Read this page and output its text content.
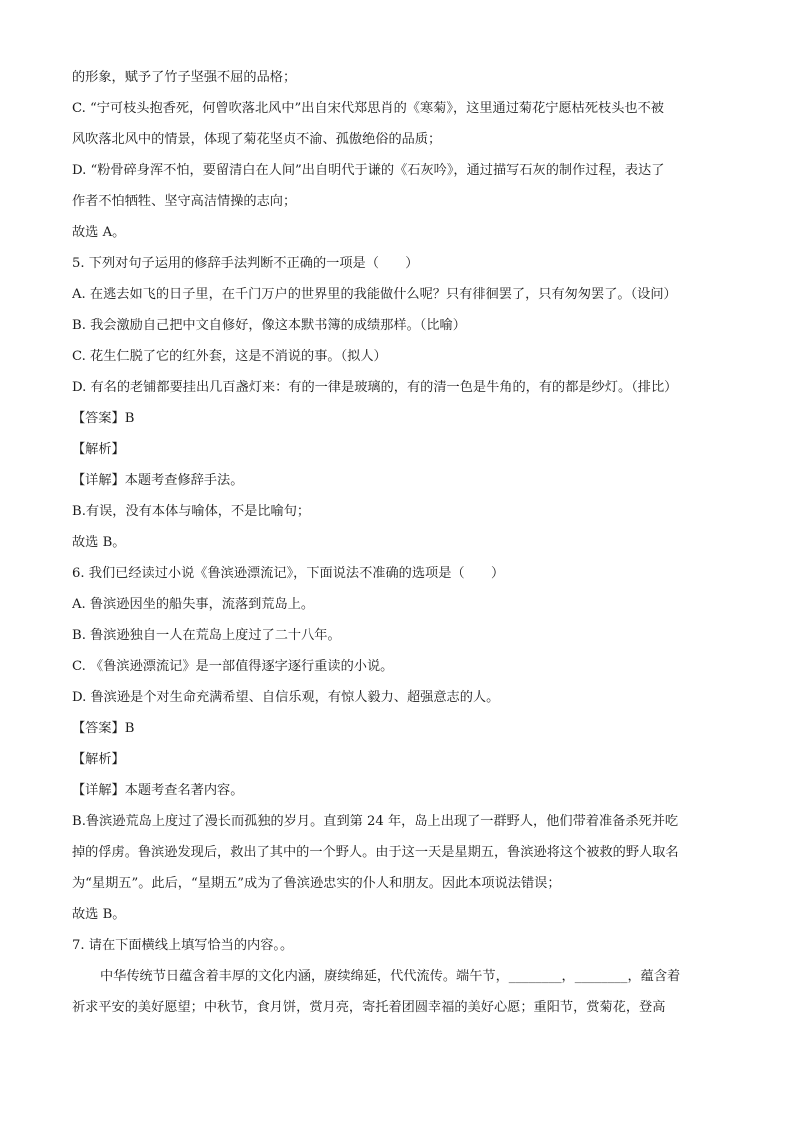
的形象，赋予了竹子坚强不屈的品格；
C. “宁可枝头抱香死，何曾吹落北风中”出自宋代郑思肖的《寒菊》，这里通过菊花宁愿枯死枝头也不被
风吹落北风中的情景，体现了菊花坚贞不渝、孤傲绝俗的品质；
D. “粉骨碎身浑不怕，要留清白在人间”出自明代于谦的《石灰吟》，通过描写石灰的制作过程，表达了
作者不怕牺牲、坚守高洁情操的志向；
故选 A。
5. 下列对句子运用的修辞手法判断不正确的一项是（　　）
A. 在逃去如飞的日子里，在千门万户的世界里的我能做什么呢？只有徘徊罢了，只有匆匆罢了。（设问）
B. 我会激励自己把中文自修好，像这本默书簿的成绩那样。（比喻）
C. 花生仁脱了它的红外套，这是不消说的事。（拟人）
D. 有名的老铺都要挂出几百盏灯来：有的一律是玻璃的，有的清一色是牛角的，有的都是纱灯。（排比）
【答案】B
【解析】
【详解】本题考查修辞手法。
B.有误，没有本体与喻体，不是比喻句；
故选 B。
6. 我们已经读过小说《鲁滨逊漂流记》，下面说法不准确的选项是（　　）
A. 鲁滨逊因坐的船失事，流落到荒岛上。
B. 鲁滨逊独自一人在荒岛上度过了二十八年。
C. 《鲁滨逊漂流记》是一部值得逐字逐行重读的小说。
D. 鲁滨逊是个对生命充满希望、自信乐观，有惊人毅力、超强意志的人。
【答案】B
【解析】
【详解】本题考查名著内容。
B.鲁滨逊荒岛上度过了漫长而孤独的岁月。直到第 24 年，岛上出现了一群野人，他们带着准备杀死并吃
掉的俘虏。鲁滨逊发现后，救出了其中的一个野人。由于这一天是星期五，鲁滨逊将这个被救的野人取名
为“星期五”。此后，“星期五”成为了鲁滨逊忠实的仆人和朋友。因此本项说法错误；
故选 B。
7. 请在下面横线上填写恰当的内容。。
中华传统节日蕴含着丰厚的文化内涵，赓续绵延，代代流传。端午节，________，________，蕴含着
祈求平安的美好愿望；中秋节，食月饼，赏月亮，寄托着团圆幸福的美好心愿；重阳节，赏菊花，登高
